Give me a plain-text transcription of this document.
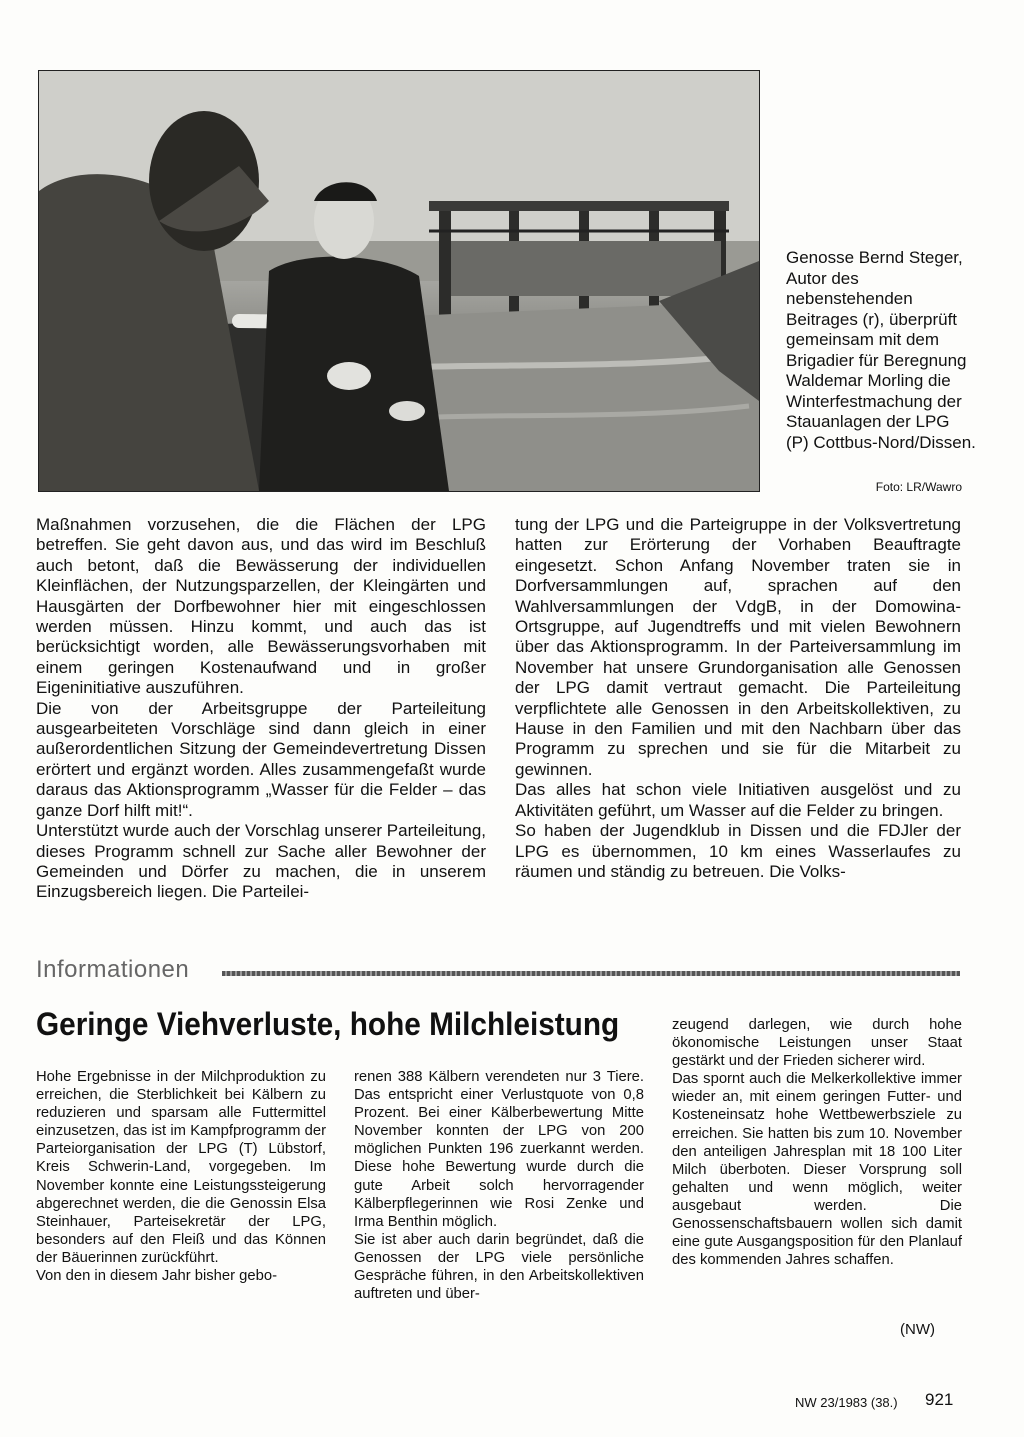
Genosse Bernd Steger, Autor des nebenstehenden Beitrages (r), überprüft gemeinsam mit dem Brigadier für Beregnung Waldemar Morling die Winterfestmachung der Stauanlagen der LPG (P) Cottbus-Nord/Dissen.
Foto: LR/Wawro

Maßnahmen vorzusehen, die die Flächen der LPG betreffen. Sie geht davon aus, und das wird im Beschluß auch betont, daß die Bewässerung der individuellen Kleinflächen, der Nutzungsparzellen, der Kleingärten und Hausgärten der Dorfbewohner hier mit eingeschlossen werden müssen. Hinzu kommt, und auch das ist berücksichtigt worden, alle Bewässerungsvorhaben mit einem geringen Kostenaufwand und in großer Eigeninitiative auszuführen.

Die von der Arbeitsgruppe der Parteileitung ausgearbeiteten Vorschläge sind dann gleich in einer außerordentlichen Sitzung der Gemeindevertretung Dissen erörtert und ergänzt worden. Alles zusammengefaßt wurde daraus das Aktionsprogramm „Wasser für die Felder – das ganze Dorf hilft mit!“.

Unterstützt wurde auch der Vorschlag unserer Parteileitung, dieses Programm schnell zur Sache aller Bewohner der Gemeinden und Dörfer zu machen, die in unserem Einzugsbereich liegen. Die Parteilei-

tung der LPG und die Parteigruppe in der Volksvertretung hatten zur Erörterung der Vorhaben Beauftragte eingesetzt. Schon Anfang November traten sie in Dorfversammlungen auf, sprachen auf den Wahlversammlungen der VdgB, in der Domowina-Ortsgruppe, auf Jugendtreffs und mit vielen Bewohnern über das Aktionsprogramm. In der Parteiversammlung im November hat unsere Grundorganisation alle Genossen der LPG damit vertraut gemacht. Die Parteileitung verpflichtete alle Genossen in den Arbeitskollektiven, zu Hause in den Familien und mit den Nachbarn über das Programm zu sprechen und sie für die Mitarbeit zu gewinnen.

Das alles hat schon viele Initiativen ausgelöst und zu Aktivitäten geführt, um Wasser auf die Felder zu bringen.

So haben der Jugendklub in Dissen und die FDJler der LPG es übernommen, 10 km eines Wasserlaufes zu räumen und ständig zu betreuen. Die Volks-

Informationen
Geringe Viehverluste, hohe Milchleistung

Hohe Ergebnisse in der Milchproduktion zu erreichen, die Sterblichkeit bei Kälbern zu reduzieren und sparsam alle Futtermittel einzusetzen, das ist im Kampfprogramm der Parteiorganisation der LPG (T) Lübstorf, Kreis Schwerin-Land, vorgegeben. Im November konnte eine Leistungssteigerung abgerechnet werden, die die Genossin Elsa Steinhauer, Parteisekretär der LPG, besonders auf den Fleiß und das Können der Bäuerinnen zurückführt.

Von den in diesem Jahr bisher gebo-

renen 388 Kälbern verendeten nur 3 Tiere. Das entspricht einer Verlustquote von 0,8 Prozent. Bei einer Kälberbewertung Mitte November konnten der LPG von 200 möglichen Punkten 196 zuerkannt werden. Diese hohe Bewertung wurde durch die gute Arbeit solch hervorragender Kälberpflegerinnen wie Rosi Zenke und Irma Benthin möglich.

Sie ist aber auch darin begründet, daß die Genossen der LPG viele persönliche Gespräche führen, in den Arbeitskollektiven auftreten und über-

zeugend darlegen, wie durch hohe ökonomische Leistungen unser Staat gestärkt und der Frieden sicherer wird.

Das spornt auch die Melkerkollektive immer wieder an, mit einem geringen Futter- und Kosteneinsatz hohe Wettbewerbsziele zu erreichen. Sie hatten bis zum 10. November den anteiligen Jahresplan mit 18 100 Liter Milch überboten. Dieser Vorsprung soll gehalten und wenn möglich, weiter ausgebaut werden. Die Genossenschaftsbauern wollen sich damit eine gute Ausgangsposition für den Planlauf des kommenden Jahres schaffen.

(NW)
NW 23/1983 (38.) 921
